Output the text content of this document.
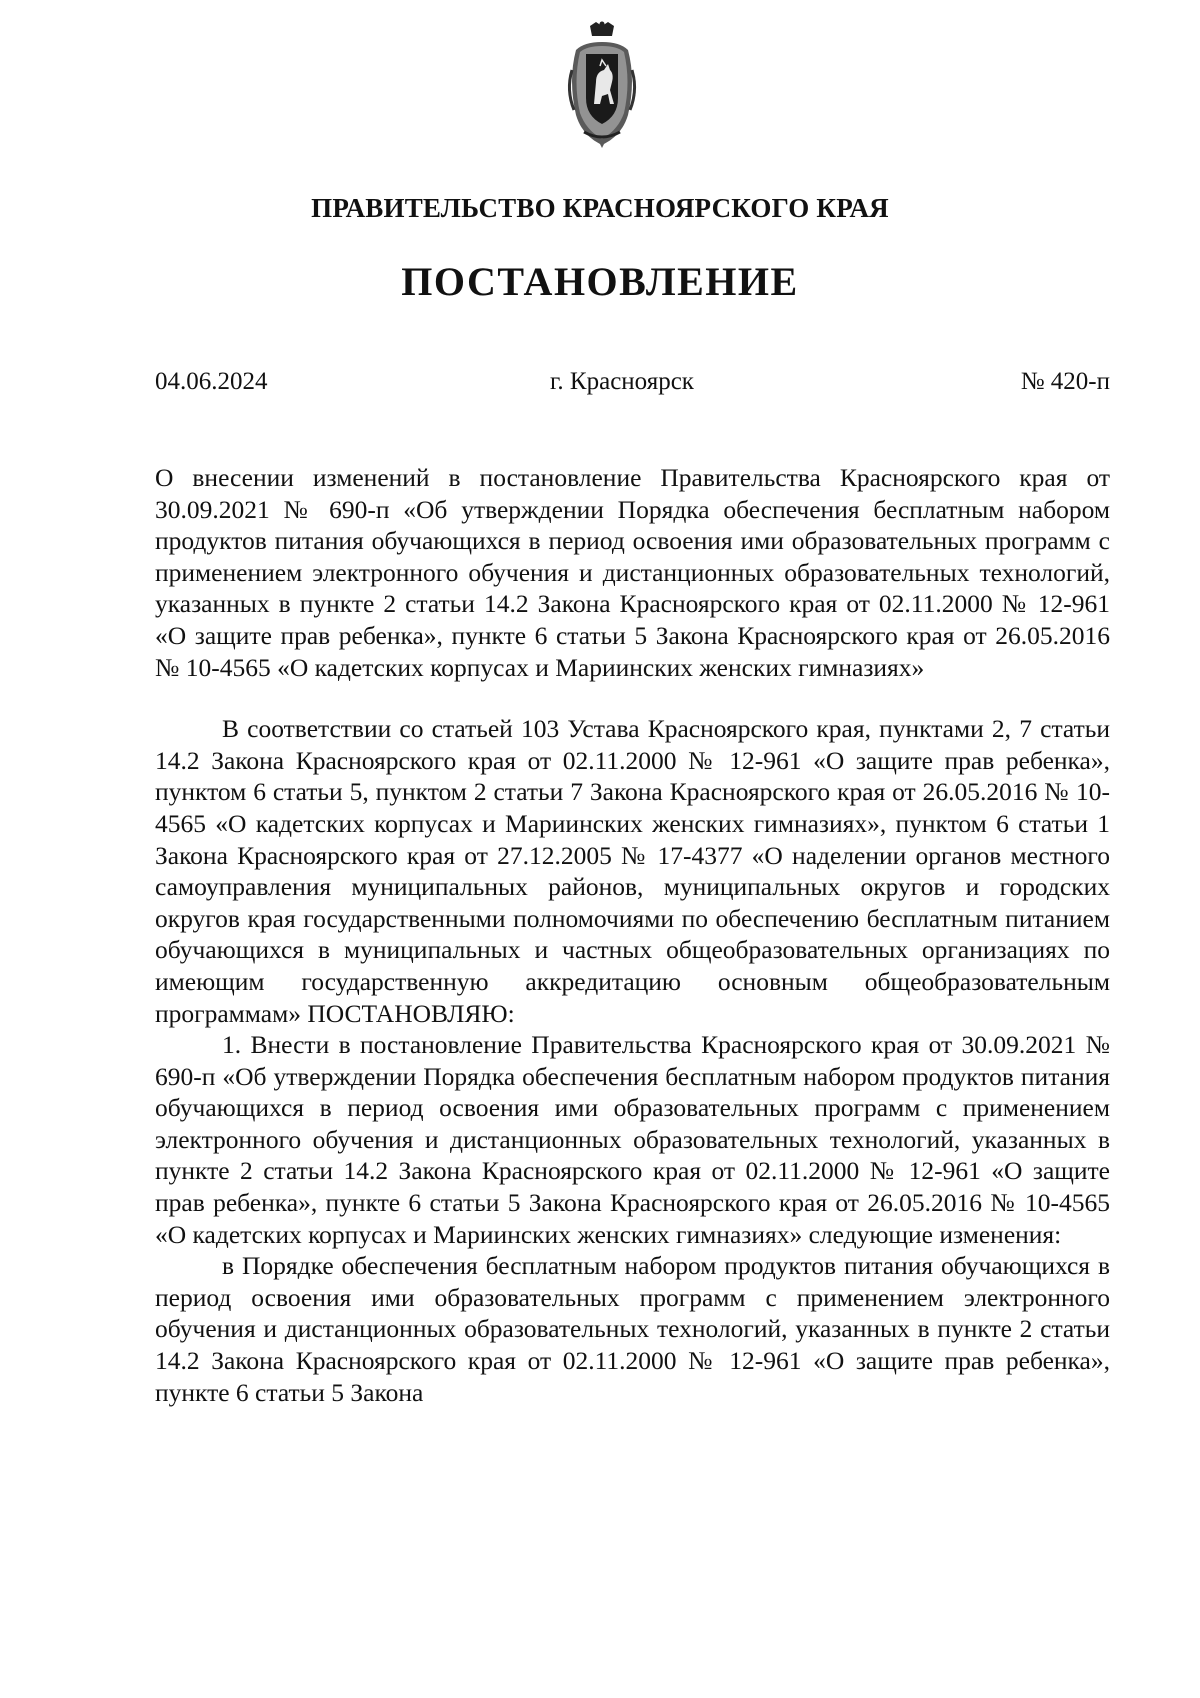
ПРАВИТЕЛЬСТВО КРАСНОЯРСКОГО КРАЯ
ПОСТАНОВЛЕНИЕ
04.06.2024	г. Красноярск	№ 420-п

О внесении изменений в постановление Правительства Красноярского края от 30.09.2021 № 690-п «Об утверждении Порядка обеспечения бесплатным набором продуктов питания обучающихся в период освоения ими образовательных программ с применением электронного обучения и дистанционных образовательных технологий, указанных в пункте 2 статьи 14.2 Закона Красноярского края от 02.11.2000 № 12-961 «О защите прав ребенка», пункте 6 статьи 5 Закона Красноярского края от 26.05.2016 № 10-4565 «О кадетских корпусах и Мариинских женских гимназиях»

В соответствии со статьей 103 Устава Красноярского края, пунктами 2, 7 статьи 14.2 Закона Красноярского края от 02.11.2000 № 12-961 «О защите прав ребенка», пунктом 6 статьи 5, пунктом 2 статьи 7 Закона Красноярского края от 26.05.2016 № 10-4565 «О кадетских корпусах и Мариинских женских гимназиях», пунктом 6 статьи 1 Закона Красноярского края от 27.12.2005 № 17-4377 «О наделении органов местного самоуправления муниципальных районов, муниципальных округов и городских округов края государственными полномочиями по обеспечению бесплатным питанием обучающихся в муниципальных и частных общеобразовательных организациях по имеющим государственную аккредитацию основным общеобразовательным программам» ПОСТАНОВЛЯЮ:

1. Внести в постановление Правительства Красноярского края от 30.09.2021 № 690-п «Об утверждении Порядка обеспечения бесплатным набором продуктов питания обучающихся в период освоения ими образовательных программ с применением электронного обучения и дистанционных образовательных технологий, указанных в пункте 2 статьи 14.2 Закона Красноярского края от 02.11.2000 № 12-961 «О защите прав ребенка», пункте 6 статьи 5 Закона Красноярского края от 26.05.2016 № 10-4565 «О кадетских корпусах и Мариинских женских гимназиях» следующие изменения:

в Порядке обеспечения бесплатным набором продуктов питания обучающихся в период освоения ими образовательных программ с применением электронного обучения и дистанционных образовательных технологий, указанных в пункте 2 статьи 14.2 Закона Красноярского края от 02.11.2000 № 12-961 «О защите прав ребенка», пункте 6 статьи 5 Закона
